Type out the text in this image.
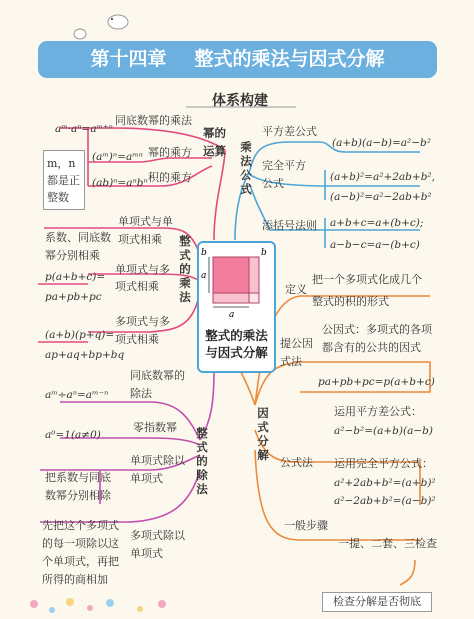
第十四章 整式的乘法与因式分解
体系构建
a
a
b	b
整式的乘法
与因式分解
整式的乘法
幂的运算
同底数幂的乘法
aᵐ·aⁿ=aᵐ⁺ⁿ
幂的乘方
(aᵐ)ⁿ=aᵐⁿ
积的乘方
(ab)ⁿ=aⁿbⁿ
m，n都是正整数
单项式与单
项式相乘
系数、同底数
幂分别相乘
单项式与多
项式相乘
p(a+b+c)=
pa+pb+pc
多项式与多
项式相乘
(a+b)(p+q)=
ap+aq+bp+bq
乘法公式
平方差公式
(a+b)(a−b)=a²−b²
完全平方
公式	(a+b)²=a²+2ab+b²,
(a−b)²=a²−2ab+b²
添括号法则 a+b+c=a+(b+c);
a−b−c=a−(b+c)
整式的除法
同底数幂的
除法
aᵐ÷aⁿ=aᵐ⁻ⁿ
零指数幂
a⁰=1(a≠0)
单项式除以
单项式
把系数与同底
数幂分别相除
多项式除以
单项式
先把这个多项式
的每一项除以这
个单项式，再把
所得的商相加
因式分解
定义
把一个多项式化成几个
整式的积的形式
提公因
式法
公因式：多项式的各项
都含有的公共的因式
pa+pb+pc=p(a+b+c)
公式法
运用平方差公式：
a²−b²=(a+b)(a−b)
运用完全平方公式：
a²+2ab+b²=(a+b)²
a²−2ab+b²=(a−b)²
一般步骤
一提、二套、三检查
检查分解是否彻底
